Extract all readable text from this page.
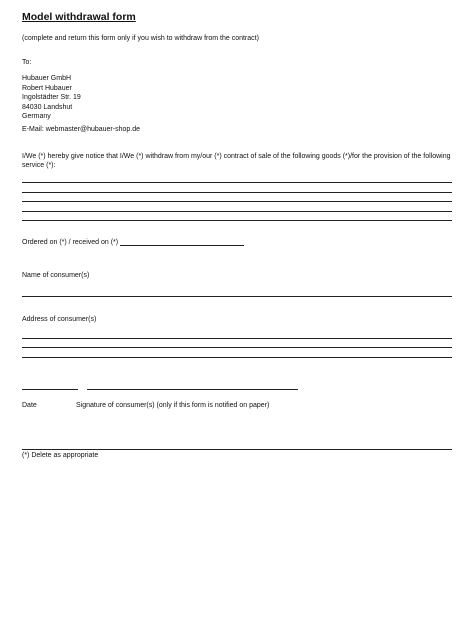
Model withdrawal form
(complete and return this form only if you wish to withdraw from the contract)
To:
Hubauer GmbH
Robert Hubauer
Ingolstädter Str. 19
84030 Landshut
Germany
E-Mail: webmaster@hubauer-shop.de
I/We (*) hereby give notice that I/We (*) withdraw from my/our (*) contract of sale of the following goods (*)/for the provision of the following service (*):
Ordered on (*) / received on (*)
Name of consumer(s)
Address of consumer(s)
Date	Signature of consumer(s) (only if this form is notified on paper)
(*) Delete as appropriate
